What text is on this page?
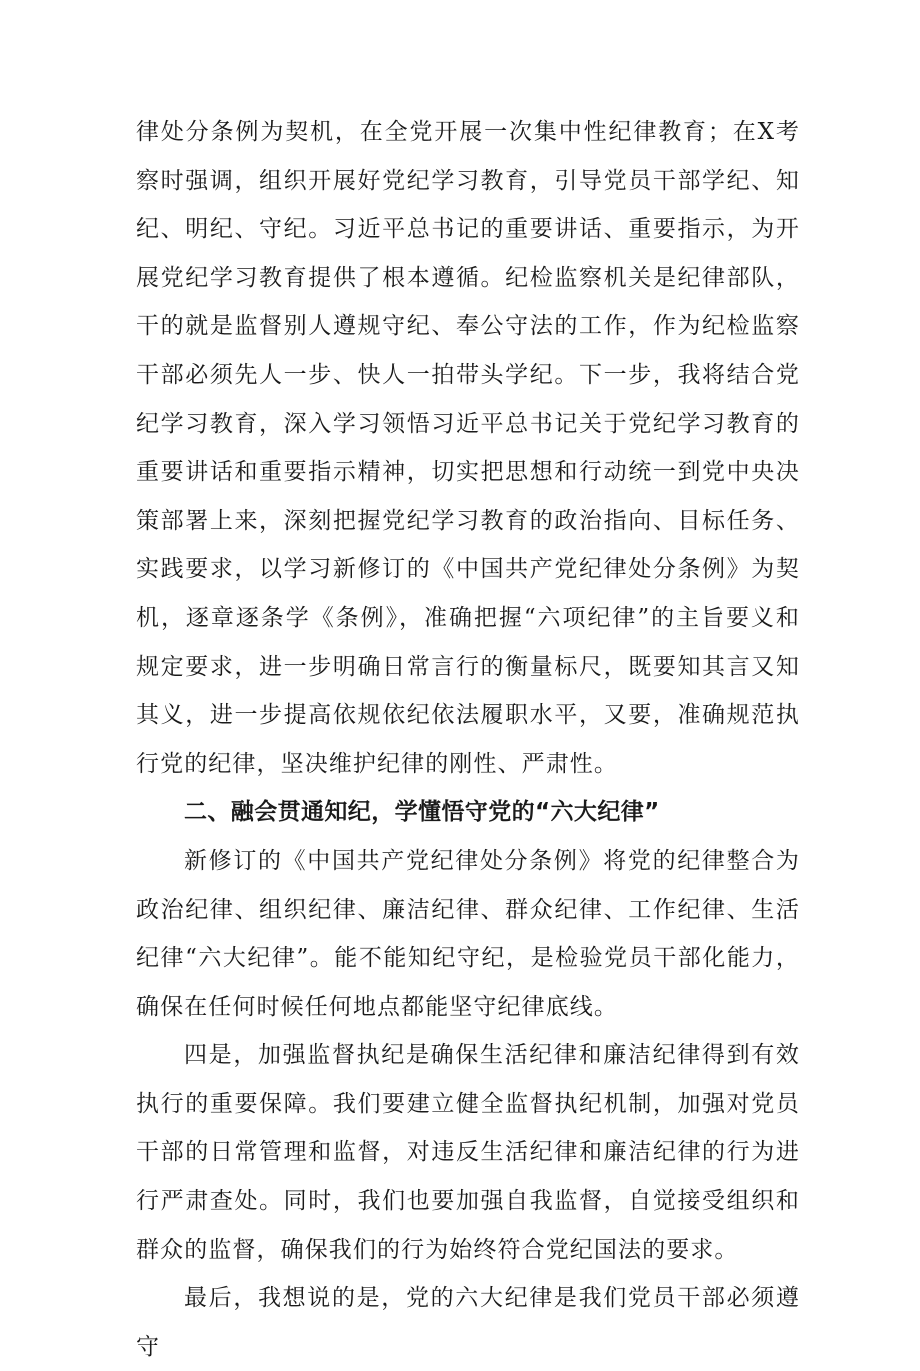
律处分条例为契机，在全党开展一次集中性纪律教育；在X考察时强调，组织开展好党纪学习教育，引导党员干部学纪、知纪、明纪、守纪。习近平总书记的重要讲话、重要指示，为开展党纪学习教育提供了根本遵循。纪检监察机关是纪律部队，干的就是监督别人遵规守纪、奉公守法的工作，作为纪检监察干部必须先人一步、快人一拍带头学纪。下一步，我将结合党纪学习教育，深入学习领悟习近平总书记关于党纪学习教育的重要讲话和重要指示精神，切实把思想和行动统一到党中央决策部署上来，深刻把握党纪学习教育的政治指向、目标任务、实践要求，以学习新修订的《中国共产党纪律处分条例》为契机，逐章逐条学《条例》，准确把握“六项纪律”的主旨要义和规定要求，进一步明确日常言行的衡量标尺，既要知其言又知其义，进一步提高依规依纪依法履职水平，又要，准确规范执行党的纪律，坚决维护纪律的刚性、严肃性。

二、融会贯通知纪，学懂悟守党的“六大纪律”

新修订的《中国共产党纪律处分条例》将党的纪律整合为政治纪律、组织纪律、廉洁纪律、群众纪律、工作纪律、生活纪律“六大纪律”。能不能知纪守纪，是检验党员干部化能力，确保在任何时候任何地点都能坚守纪律底线。

四是，加强监督执纪是确保生活纪律和廉洁纪律得到有效执行的重要保障。我们要建立健全监督执纪机制，加强对党员干部的日常管理和监督，对违反生活纪律和廉洁纪律的行为进行严肃查处。同时，我们也要加强自我监督，自觉接受组织和群众的监督，确保我们的行为始终符合党纪国法的要求。

最后，我想说的是，党的六大纪律是我们党员干部必须遵守
